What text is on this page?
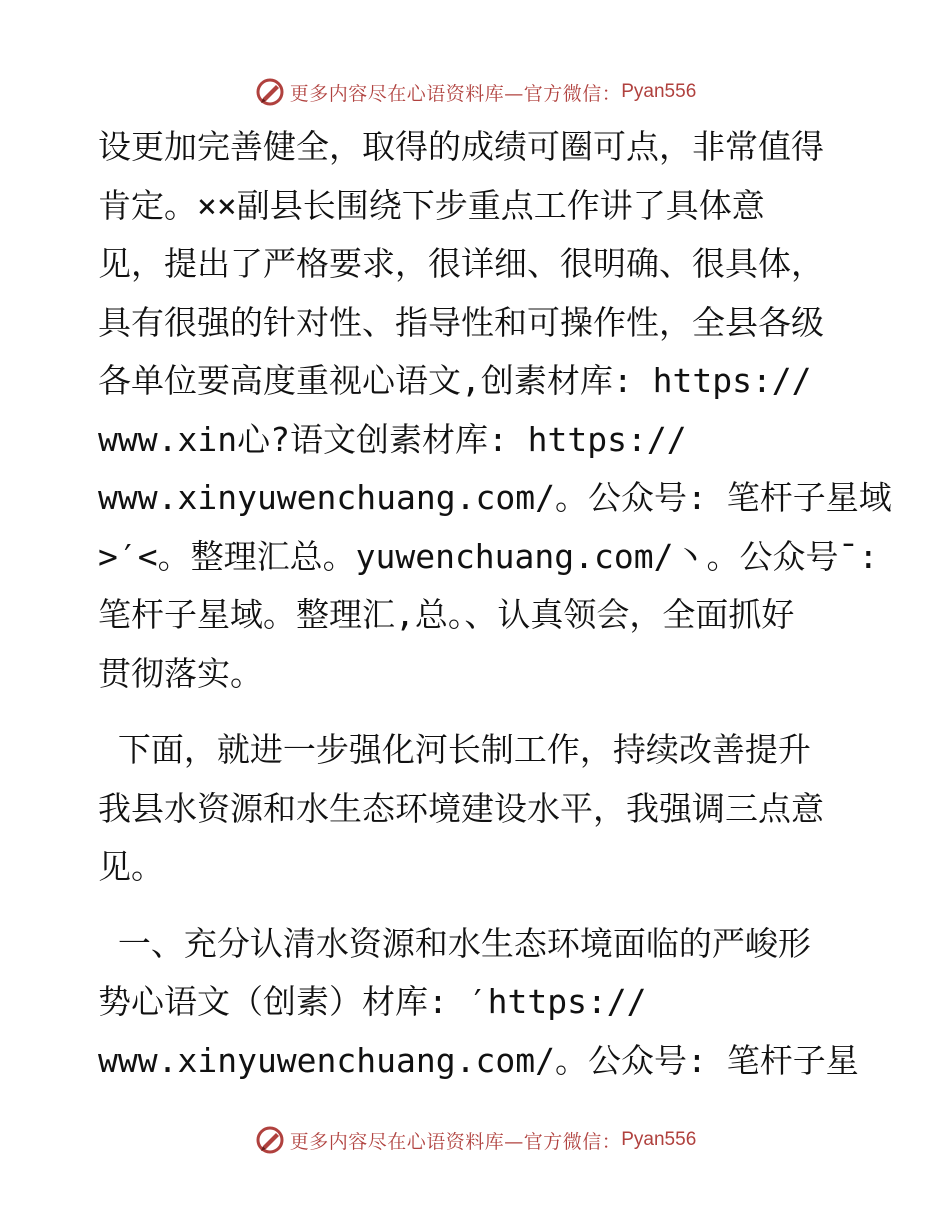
更多内容尽在心语资料库—官方微信： Pyan556

设更加完善健全，取得的成绩可圈可点，非常值得

肯定。××副县长围绕下步重点工作讲了具体意

见，提出了严格要求，很详细、很明确、很具体，

具有很强的针对性、指导性和可操作性，全县各级

各单位要高度重视心语文,创素材库: https://

www.xin心?语文创素材库: https://

www.xinyuwenchuang.com/。公众号: 笔杆子星域

>′<。整理汇总。yuwenchuang.com/丶。公众号¯:

笔杆子星域。整理汇,总。、认真领会，全面抓好

贯彻落实。

下面，就进一步强化河长制工作，持续改善提升

我县水资源和水生态环境建设水平，我强调三点意

见。

一、充分认清水资源和水生态环境面临的严峻形

势心语文（创素）材库: ′https://

www.xinyuwenchuang.com/。公众号: 笔杆子星

更多内容尽在心语资料库—官方微信： Pyan556
